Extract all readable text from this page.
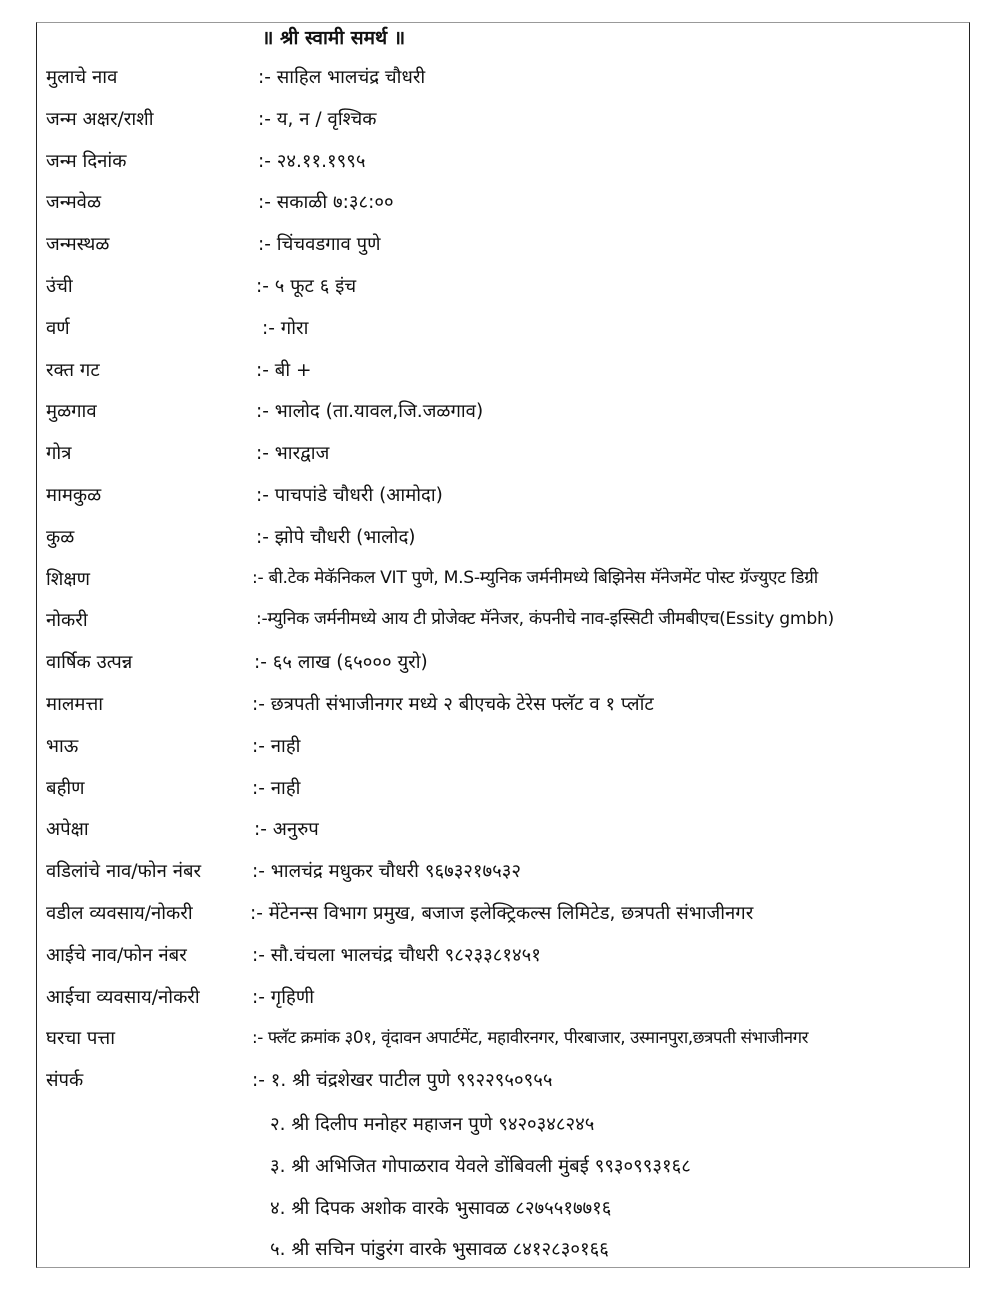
॥ श्री स्वामी समर्थ ॥
मुलाचे नाव	:- साहिल भालचंद्र चौधरी
जन्म अक्षर/राशी	:- य, न / वृश्चिक
जन्म दिनांक	:- २४.११.१९९५
जन्मवेळ	:- सकाळी ७:३८:००
जन्मस्थळ	:- चिंचवडगाव पुणे
उंची	:- ५ फूट ६ इंच
वर्ण	:- गोरा
रक्त गट	:- बी +
मुळगाव	:- भालोद (ता.यावल,जि.जळगाव)
गोत्र	:- भारद्वाज
मामकुळ	:- पाचपांडे चौधरी (आमोदा)
कुळ	:- झोपे चौधरी (भालोद)
शिक्षण	:- बी.टेक मेकॅनिकल VIT पुणे, M.S-म्युनिक जर्मनीमध्ये बिझिनेस मॅनेजमेंट पोस्ट ग्रॅज्युएट डिग्री
नोकरी	:-म्युनिक जर्मनीमध्ये आय टी प्रोजेक्ट मॅनेजर, कंपनीचे नाव-इस्सिटी जीमबीएच(Essity gmbh)
वार्षिक उत्पन्न	:- ६५ लाख (६५००० युरो)
मालमत्ता	:- छत्रपती संभाजीनगर मध्ये २ बीएचके टेरेस फ्लॅट व १ प्लॉट
भाऊ	:- नाही
बहीण	:- नाही
अपेक्षा	:- अनुरुप
वडिलांचे नाव/फोन नंबर	:- भालचंद्र मधुकर चौधरी ९६७३२१७५३२
वडील व्यवसाय/नोकरी	:- मेंटेनन्स विभाग प्रमुख, बजाज इलेक्ट्रिकल्स लिमिटेड, छत्रपती संभाजीनगर
आईचे नाव/फोन नंबर	:- सौ.चंचला भालचंद्र चौधरी ९८२३३८१४५१
आईचा व्यवसाय/नोकरी	:- गृहिणी
घरचा पत्ता	:- फ्लॅट क्रमांक ३0१, वृंदावन अपार्टमेंट, महावीरनगर, पीरबाजार, उस्मानपुरा,छत्रपती संभाजीनगर
संपर्क	:- १. श्री चंद्रशेखर पाटील पुणे ९९२२९५०९५५
२. श्री दिलीप मनोहर महाजन पुणे ९४२०३४८२४५
३. श्री अभिजित गोपाळराव येवले डोंबिवली मुंबई ९९३०९९३१६८
४. श्री दिपक अशोक वारके भुसावळ ८२७५५१७७१६
५. श्री सचिन पांडुरंग वारके भुसावळ ८४१२८३०१६६
